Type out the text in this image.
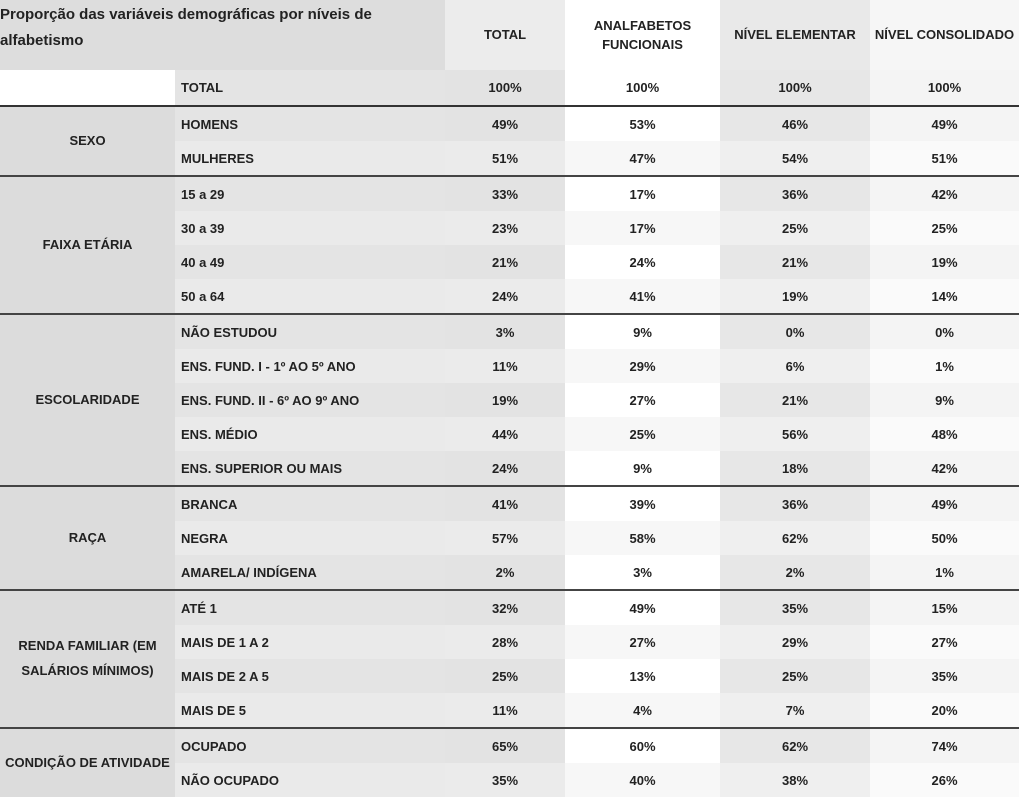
Proporção das variáveis demográficas por níveis de alfabetismo		TOTAL	ANALFABETOS FUNCIONAIS	NÍVEL ELEMENTAR	NÍVEL CONSOLIDADO
	TOTAL	100%	100%	100%	100%
SEXO	HOMENS	49%	53%	46%	49%
	MULHERES	51%	47%	54%	51%
FAIXA ETÁRIA	15 a 29	33%	17%	36%	42%
	30 a 39	23%	17%	25%	25%
	40 a 49	21%	24%	21%	19%
	50 a 64	24%	41%	19%	14%
ESCOLARIDADE	NÃO ESTUDOU	3%	9%	0%	0%
	ENS. FUND. I - 1º AO 5º ANO	11%	29%	6%	1%
	ENS. FUND. II - 6º AO 9º ANO	19%	27%	21%	9%
	ENS. MÉDIO	44%	25%	56%	48%
	ENS. SUPERIOR OU MAIS	24%	9%	18%	42%
RAÇA	BRANCA	41%	39%	36%	49%
	NEGRA	57%	58%	62%	50%
	AMARELA/ INDÍGENA	2%	3%	2%	1%
RENDA FAMILIAR (EM SALÁRIOS MÍNIMOS)	ATÉ 1	32%	49%	35%	15%
	MAIS DE 1 A 2	28%	27%	29%	27%
	MAIS DE 2 A 5	25%	13%	25%	35%
	MAIS DE 5	11%	4%	7%	20%
CONDIÇÃO DE ATIVIDADE	OCUPADO	65%	60%	62%	74%
	NÃO OCUPADO	35%	40%	38%	26%
